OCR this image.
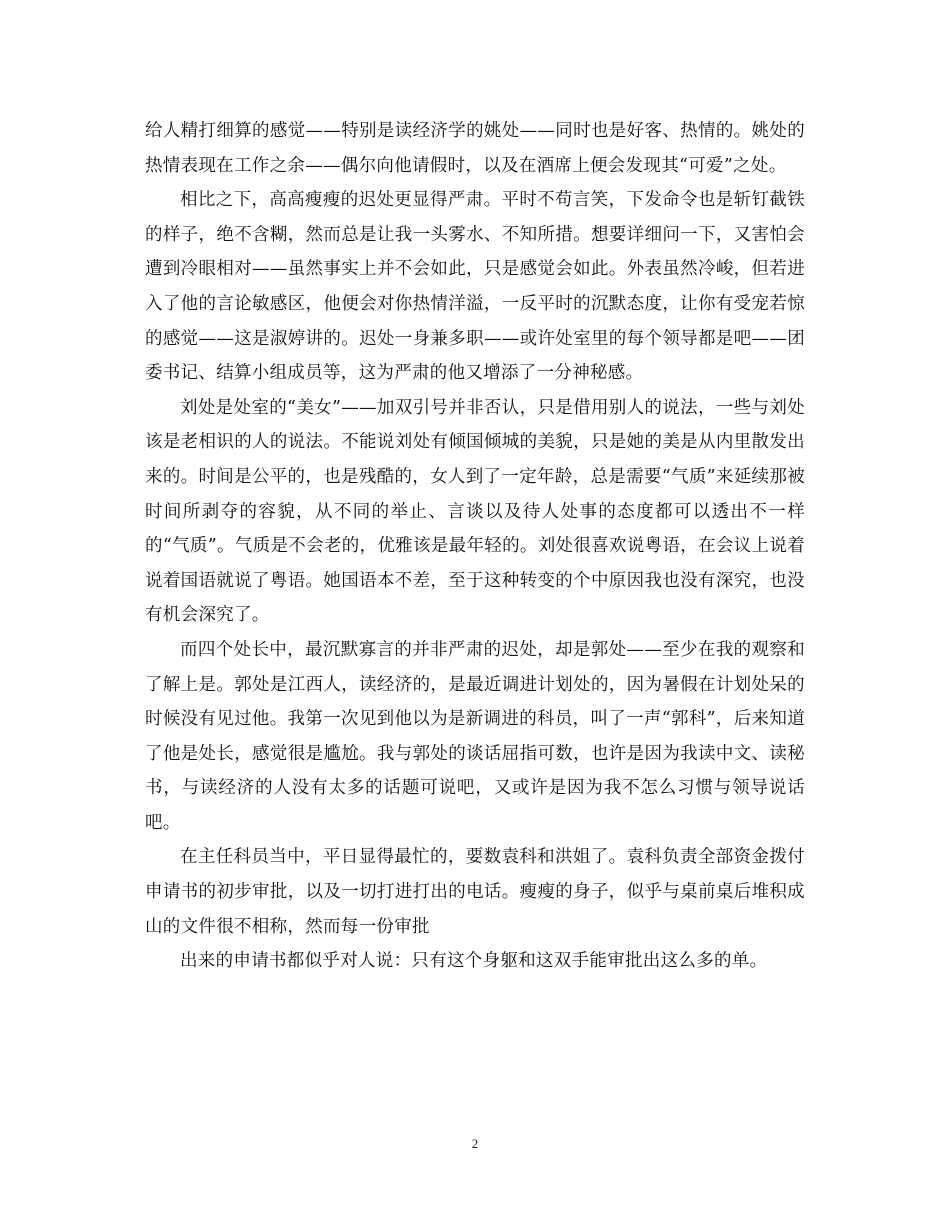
给人精打细算的感觉——特别是读经济学的姚处——同时也是好客、热情的。姚处的热情表现在工作之余——偶尔向他请假时，以及在酒席上便会发现其“可爱”之处。

相比之下，高高瘦瘦的迟处更显得严肃。平时不苟言笑，下发命令也是斩钉截铁的样子，绝不含糊，然而总是让我一头雾水、不知所措。想要详细问一下，又害怕会遭到冷眼相对——虽然事实上并不会如此，只是感觉会如此。外表虽然冷峻，但若进入了他的言论敏感区，他便会对你热情洋溢，一反平时的沉默态度，让你有受宠若惊的感觉——这是淑婷讲的。迟处一身兼多职——或许处室里的每个领导都是吧——团委书记、结算小组成员等，这为严肃的他又增添了一分神秘感。

刘处是处室的“美女”——加双引号并非否认，只是借用别人的说法，一些与刘处该是老相识的人的说法。不能说刘处有倾国倾城的美貌，只是她的美是从内里散发出来的。时间是公平的，也是残酷的，女人到了一定年龄，总是需要“气质”来延续那被时间所剥夺的容貌，从不同的举止、言谈以及待人处事的态度都可以透出不一样的“气质”。气质是不会老的，优雅该是最年轻的。刘处很喜欢说粤语，在会议上说着说着国语就说了粤语。她国语本不差，至于这种转变的个中原因我也没有深究，也没有机会深究了。

而四个处长中，最沉默寡言的并非严肃的迟处，却是郭处——至少在我的观察和了解上是。郭处是江西人，读经济的，是最近调进计划处的，因为暑假在计划处呆的时候没有见过他。我第一次见到他以为是新调进的科员，叫了一声“郭科”，后来知道了他是处长，感觉很是尴尬。我与郭处的谈话屈指可数，也许是因为我读中文、读秘书，与读经济的人没有太多的话题可说吧，又或许是因为我不怎么习惯与领导说话吧。

在主任科员当中，平日显得最忙的，要数袁科和洪姐了。袁科负责全部资金拨付申请书的初步审批，以及一切打进打出的电话。瘦瘦的身子，似乎与桌前桌后堆积成山的文件很不相称，然而每一份审批

出来的申请书都似乎对人说：只有这个身躯和这双手能审批出这么多的单。

2
